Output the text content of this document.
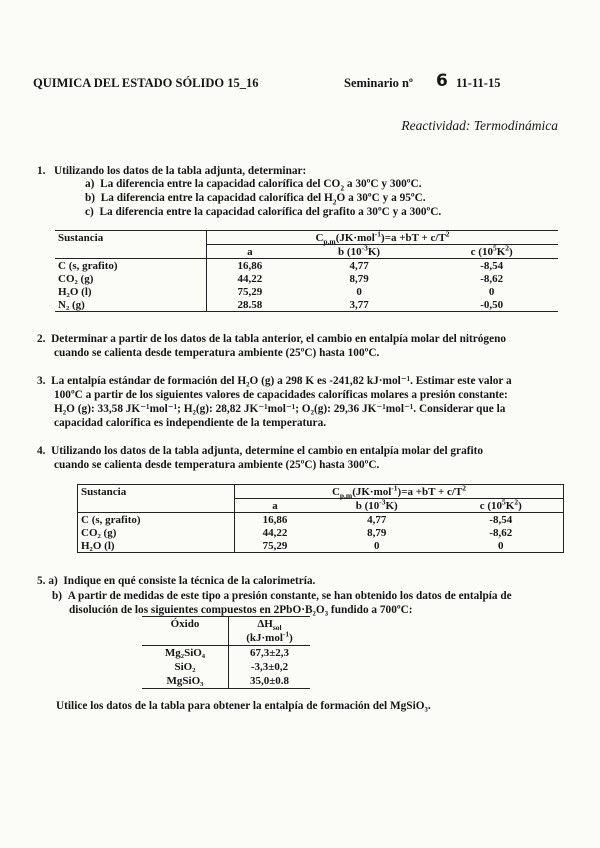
QUIMICA DEL ESTADO SÓLIDO 15_16	Seminario nº 6 11-11-15
Reactividad: Termodinámica
1. Utilizando los datos de la tabla adjunta, determinar:
a) La diferencia entre la capacidad calorífica del $CO_2$ a 30ºC y 300ºC.
b) La diferencia entre la capacidad calorífica del $H_2O$ a 30ºC y a 95ºC.
c) La diferencia entre la capacidad calorífica del grafito a 30ºC y a 300ºC.
Sustancia	$C_{p,m}(JK\cdot mol^{-1})=a +bT + c/T^2$
	a	b $(10^{-3}K)$	c $(10^5K^2)$
C (s, grafito)	16,86	4,77	-8,54
CO₂ (g)	44,22	8,79	-8,62
H₂O (l)	75,29	0	0
N₂ (g)	28.58	3,77	-0,50
2. Determinar a partir de los datos de la tabla anterior, el cambio en entalpía molar del nitrógeno
cuando se calienta desde temperatura ambiente (25ºC) hasta 100ºC.
3. La entalpía estándar de formación del H₂O (g) a 298 K es -241,82 kJ·mol⁻¹. Estimar este valor a
100ºC a partir de los siguientes valores de capacidades caloríficas molares a presión constante:
H₂O (g): 33,58 JK⁻¹mol⁻¹; H₂(g): 28,82 JK⁻¹mol⁻¹; O₂(g): 29,36 JK⁻¹mol⁻¹. Considerar que la
capacidad calorífica es independiente de la temperatura.
4. Utilizando los datos de la tabla adjunta, determine el cambio en entalpía molar del grafito
cuando se calienta desde temperatura ambiente (25ºC) hasta 300ºC.
Sustancia	$C_{p,m}(JK\cdot mol^{-1})=a +bT + c/T^2$
	a	b $(10^{-3}K)$	c $(10^5K^2)$
C (s, grafito)	16,86	4,77	-8,54
CO₂ (g)	44,22	8,79	-8,62
H₂O (l)	75,29	0	0
5. a) Indique en qué consiste la técnica de la calorimetría.
b) A partir de medidas de este tipo a presión constante, se han obtenido los datos de entalpía de
disolución de los siguientes compuestos en 2PbO·B₂O₃ fundido a 700ºC:
Óxido	$\Delta H_{sol}$
	(kJ·mol$^{-1}$)
Mg₂SiO₄	67,3±2,3
SiO₂	-3,3±0,2
MgSiO₃	35,0±0.8
Utilice los datos de la tabla para obtener la entalpía de formación del MgSiO₃.
